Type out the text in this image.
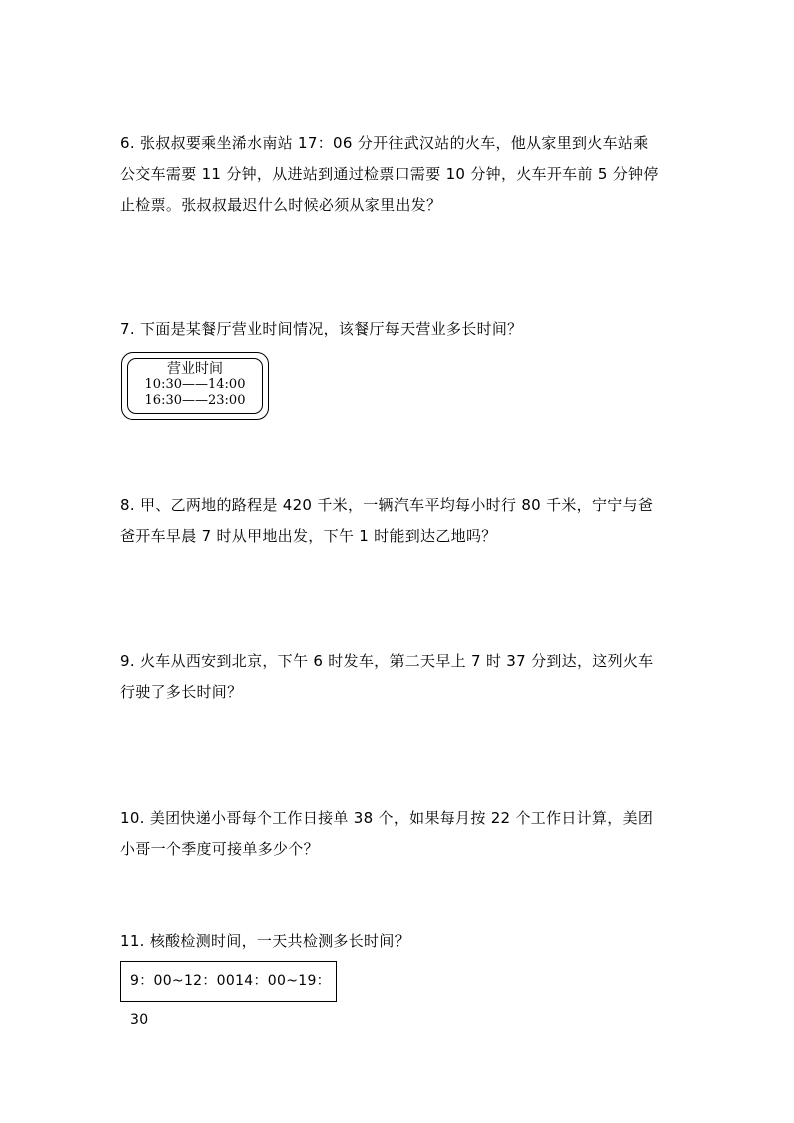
6. 张叔叔要乘坐浠水南站 17：06 分开往武汉站的火车，他从家里到火车站乘

公交车需要 11 分钟，从进站到通过检票口需要 10 分钟，火车开车前 5 分钟停

止检票。张叔叔最迟什么时候必须从家里出发？

7. 下面是某餐厅营业时间情况，该餐厅每天营业多长时间？

营业时间
10:30——14:00
16:30——23:00

8. 甲、乙两地的路程是 420 千米，一辆汽车平均每小时行 80 千米，宁宁与爸

爸开车早晨 7 时从甲地出发，下午 1 时能到达乙地吗？

9. 火车从西安到北京，下午 6 时发车，第二天早上 7 时 37 分到达，这列火车

行驶了多长时间？

10. 美团快递小哥每个工作日接单 38 个，如果每月按 22 个工作日计算，美团

小哥一个季度可接单多少个？

11. 核酸检测时间，一天共检测多长时间？

9：00~12：0014：00~19：30
